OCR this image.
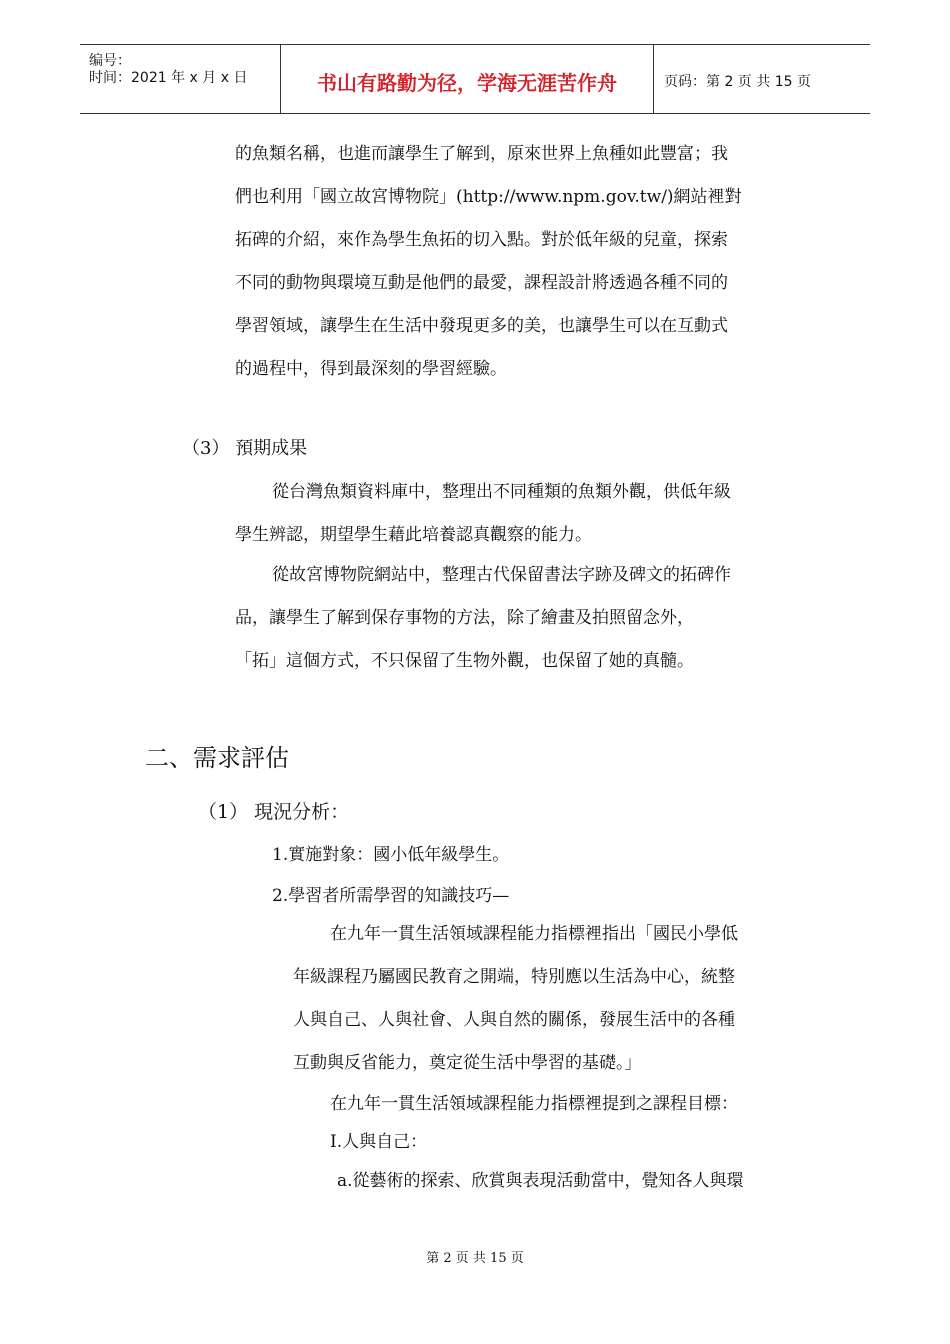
编号：
时间：2021 年 x 月 x 日	书山有路勤为径，学海无涯苦作舟	页码：第 2 页 共 15 页
的魚類名稱，也進而讓學生了解到，原來世界上魚種如此豐富；我
們也利用「國立故宮博物院」(http://www.npm.gov.tw/)網站裡對
拓碑的介紹，來作為學生魚拓的切入點。對於低年級的兒童，探索
不同的動物與環境互動是他們的最愛，課程設計將透過各種不同的
學習領域，讓學生在生活中發現更多的美，也讓學生可以在互動式
的過程中，得到最深刻的學習經驗。
（3） 預期成果
從台灣魚類資料庫中，整理出不同種類的魚類外觀，供低年級
學生辨認，期望學生藉此培養認真觀察的能力。
從故宮博物院網站中，整理古代保留書法字跡及碑文的拓碑作
品，讓學生了解到保存事物的方法，除了繪畫及拍照留念外，
「拓」這個方式，不只保留了生物外觀，也保留了她的真髓。
二、需求評估
（1） 現況分析：
1.實施對象：國小低年級學生。
2.學習者所需學習的知識技巧—
在九年一貫生活領域課程能力指標裡指出「國民小學低
年級課程乃屬國民教育之開端，特別應以生活為中心，統整
人與自己、人與社會、人與自然的關係，發展生活中的各種
互動與反省能力，奠定從生活中學習的基礎。」
在九年一貫生活領域課程能力指標裡提到之課程目標：
I.人與自己：
a.從藝術的探索、欣賞與表現活動當中，覺知各人與環
第 2 页 共 15 页
